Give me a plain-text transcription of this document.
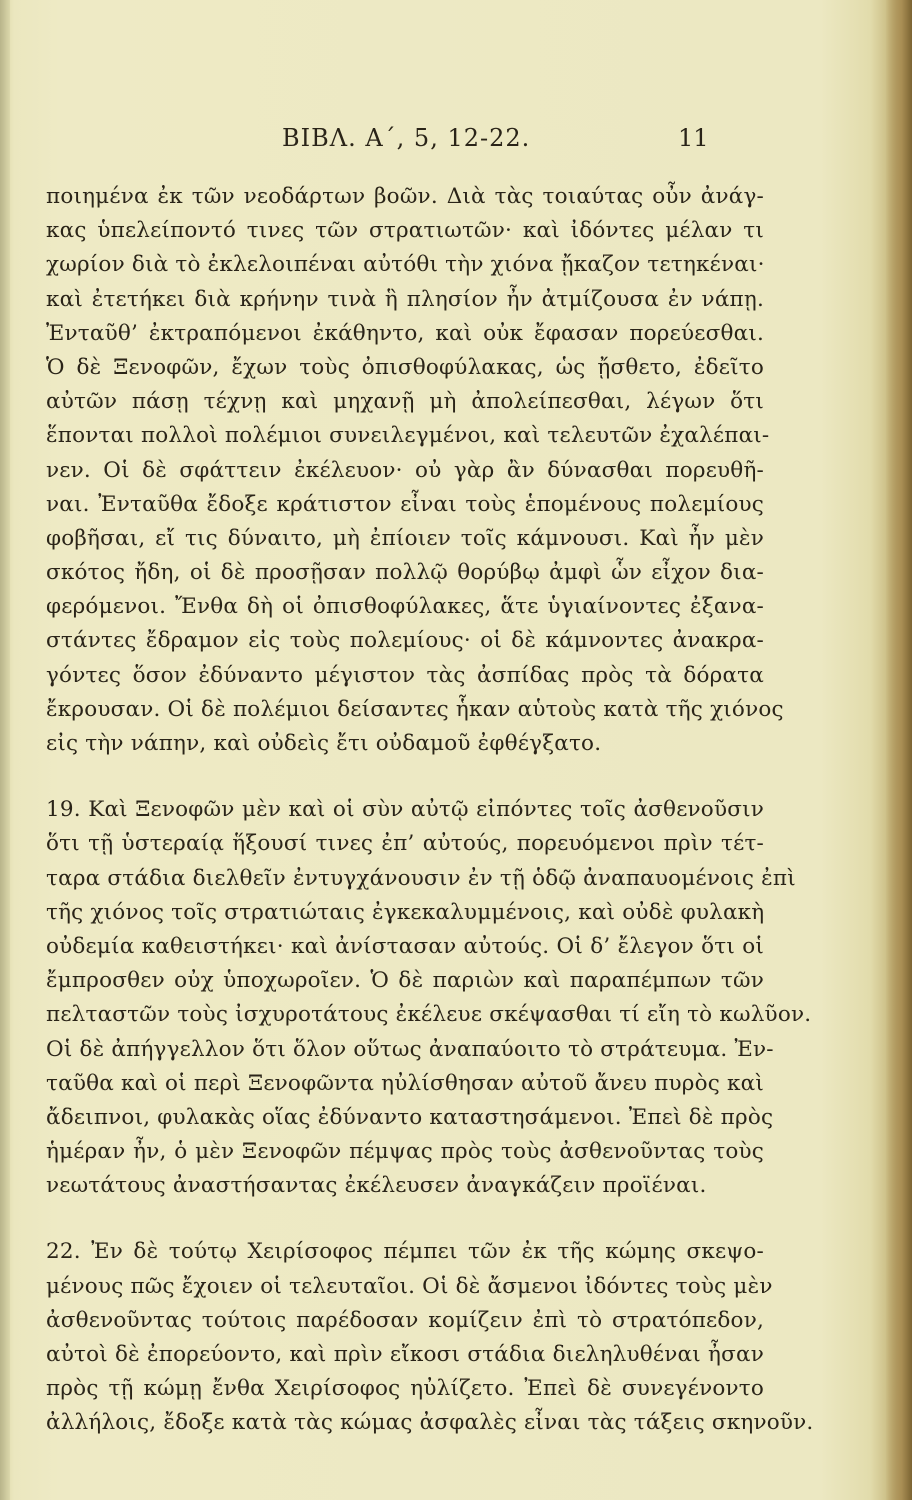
BIBΛ. A΄, 5, 12-22.	11
ποιημένα ἐκ τῶν νεοδάρτων βοῶν. Διὰ τὰς τοιαύτας οὖν ἀνάγ-
κας ὑπελείποντό τινες τῶν στρατιωτῶν· καὶ ἰδόντες μέλαν τι
χωρίον διὰ τὸ ἐκλελοιπέναι αὐτόθι τὴν χιόνα ᾔκαζον τετηκέναι·
καὶ ἐτετήκει διὰ κρήνην τινὰ ἣ πλησίον ἦν ἀτμίζουσα ἐν νάπῃ.
Ἐνταῦθ’ ἐκτραπόμενοι ἐκάθηντο, καὶ οὐκ ἔφασαν πορεύεσθαι.
Ὁ δὲ Ξενοφῶν, ἔχων τοὺς ὀπισθοφύλακας, ὡς ᾔσθετο, ἐδεῖτο
αὐτῶν πάσῃ τέχνῃ καὶ μηχανῇ μὴ ἀπολείπεσθαι, λέγων ὅτι
ἕπονται πολλοὶ πολέμιοι συνειλεγμένοι, καὶ τελευτῶν ἐχαλέπαι-
νεν. Οἱ δὲ σφάττειν ἐκέλευον· οὐ γὰρ ἂν δύνασθαι πορευθῆ-
ναι. Ἐνταῦθα ἔδοξε κράτιστον εἶναι τοὺς ἑπομένους πολεμίους
φοβῆσαι, εἴ τις δύναιτο, μὴ ἐπίοιεν τοῖς κάμνουσι. Καὶ ἦν μὲν
σκότος ἤδη, οἱ δὲ προσῇσαν πολλῷ θορύβῳ ἀμφὶ ὧν εἶχον δια-
φερόμενοι. Ἔνθα δὴ οἱ ὀπισθοφύλακες, ἅτε ὑγιαίνοντες ἐξανα-
στάντες ἔδραμον εἰς τοὺς πολεμίους· οἱ δὲ κάμνοντες ἀνακρα-
γόντες ὅσον ἐδύναντο μέγιστον τὰς ἀσπίδας πρὸς τὰ δόρατα
ἔκρουσαν. Οἱ δὲ πολέμιοι δείσαντες ἧκαν αὑτοὺς κατὰ τῆς χιόνος
εἰς τὴν νάπην, καὶ οὐδεὶς ἔτι οὐδαμοῦ ἐφθέγξατο.
19. Καὶ Ξενοφῶν μὲν καὶ οἱ σὺν αὐτῷ εἰπόντες τοῖς ἀσθενοῦσιν
ὅτι τῇ ὑστεραίᾳ ἥξουσί τινες ἐπ’ αὐτούς, πορευόμενοι πρὶν τέτ-
ταρα στάδια διελθεῖν ἐντυγχάνουσιν ἐν τῇ ὁδῷ ἀναπαυομένοις ἐπὶ
τῆς χιόνος τοῖς στρατιώταις ἐγκεκαλυμμένοις, καὶ οὐδὲ φυλακὴ
οὐδεμία καθειστήκει· καὶ ἀνίστασαν αὐτούς. Οἱ δ’ ἔλεγον ὅτι οἱ
ἔμπροσθεν οὐχ ὑποχωροῖεν. Ὁ δὲ παριὼν καὶ παραπέμπων τῶν
πελταστῶν τοὺς ἰσχυροτάτους ἐκέλευε σκέψασθαι τί εἴη τὸ κωλῦον.
Οἱ δὲ ἀπήγγελλον ὅτι ὅλον οὕτως ἀναπαύοιτο τὸ στράτευμα. Ἐν-
ταῦθα καὶ οἱ περὶ Ξενοφῶντα ηὐλίσθησαν αὐτοῦ ἄνευ πυρὸς καὶ
ἄδειπνοι, φυλακὰς οἵας ἐδύναντο καταστησάμενοι. Ἐπεὶ δὲ πρὸς
ἡμέραν ἦν, ὁ μὲν Ξενοφῶν πέμψας πρὸς τοὺς ἀσθενοῦντας τοὺς
νεωτάτους ἀναστήσαντας ἐκέλευσεν ἀναγκάζειν προϊέναι.
22. Ἐν δὲ τούτῳ Χειρίσοφος πέμπει τῶν ἐκ τῆς κώμης σκεψο-
μένους πῶς ἔχοιεν οἱ τελευταῖοι. Οἱ δὲ ἄσμενοι ἰδόντες τοὺς μὲν
ἀσθενοῦντας τούτοις παρέδοσαν κομίζειν ἐπὶ τὸ στρατόπεδον,
αὐτοὶ δὲ ἐπορεύοντο, καὶ πρὶν εἴκοσι στάδια διεληλυθέναι ἦσαν
πρὸς τῇ κώμῃ ἔνθα Χειρίσοφος ηὐλίζετο. Ἐπεὶ δὲ συνεγένοντο
ἀλλήλοις, ἔδοξε κατὰ τὰς κώμας ἀσφαλὲς εἶναι τὰς τάξεις σκηνοῦν.
